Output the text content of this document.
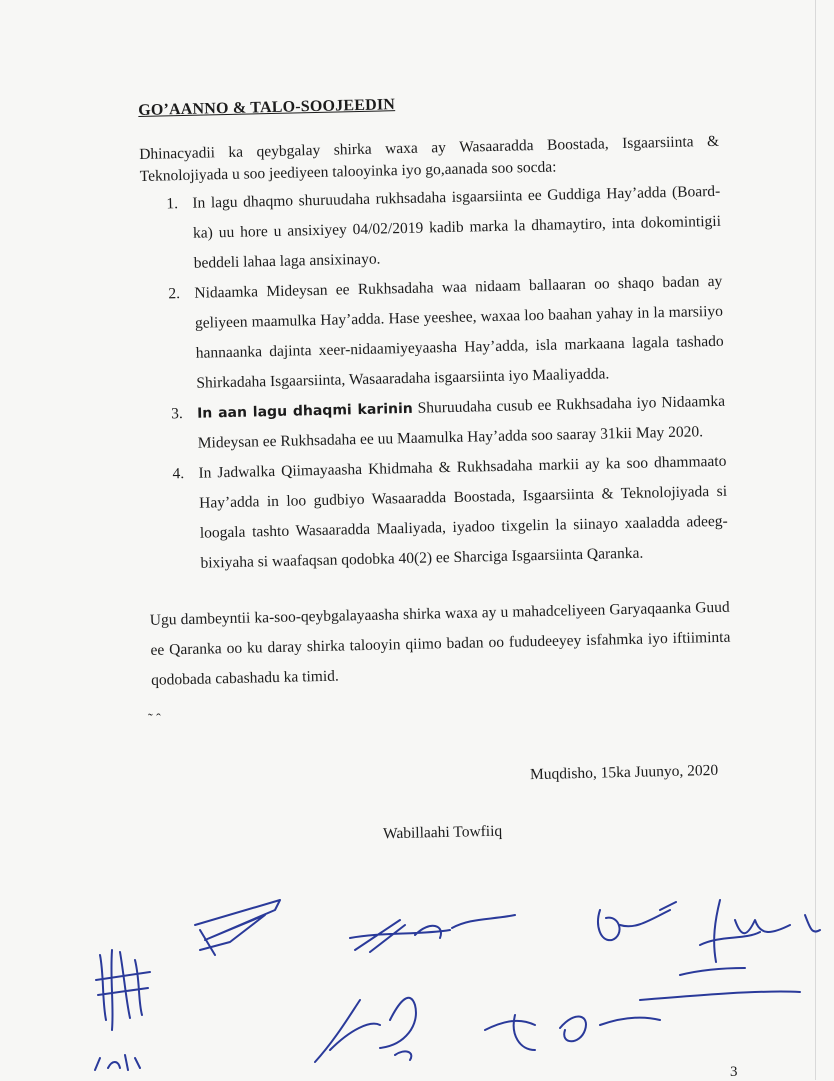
GO’AANNO & TALO-SOOJEEDIN

Dhinacyadii ka qeybgalay shirka waxa ay Wasaaradda Boostada, Isgaarsiinta & Teknolojiyada u soo jeediyeen talooyinka iyo go,aanada soo socda:

1. In lagu dhaqmo shuruudaha rukhsadaha isgaarsiinta ee Guddiga Hay’adda (Board-ka) uu hore u ansixiyey 04/02/2019 kadib marka la dhamaytiro, inta dokomintigii beddeli lahaa laga ansixinayo.
2. Nidaamka Mideysan ee Rukhsadaha waa nidaam ballaaran oo shaqo badan ay geliyeen maamulka Hay’adda. Hase yeeshee, waxaa loo baahan yahay in la marsiiyo hannaanka dajinta xeer-nidaamiyeyaasha Hay’adda, isla markaana lagala tashado Shirkadaha Isgaarsiinta, Wasaaradaha isgaarsiinta iyo Maaliyadda.
3. In aan lagu dhaqmi karinin Shuruudaha cusub ee Rukhsadaha iyo Nidaamka Mideysan ee Rukhsadaha ee uu Maamulka Hay’adda soo saaray 31kii May 2020.
4. In Jadwalka Qiimayaasha Khidmaha & Rukhsadaha markii ay ka soo dhammaato Hay’adda in loo gudbiyo Wasaaradda Boostada, Isgaarsiinta & Teknolojiyada si loogala tashto Wasaaradda Maaliyada, iyadoo tixgelin la siinayo xaaladda adeeg-bixiyaha si waafaqsan qodobka 40(2) ee Sharciga Isgaarsiinta Qaranka.

Ugu dambeyntii ka-soo-qeybgalayaasha shirka waxa ay u mahadceliyeen Garyaqaanka Guud ee Qaranka oo ku daray shirka talooyin qiimo badan oo fududeeyey isfahmka iyo iftiiminta qodobada cabashadu ka timid.

˜ ˆ
Muqdisho, 15ka Juunyo, 2020
Wabillaahi Towfiiq
3
